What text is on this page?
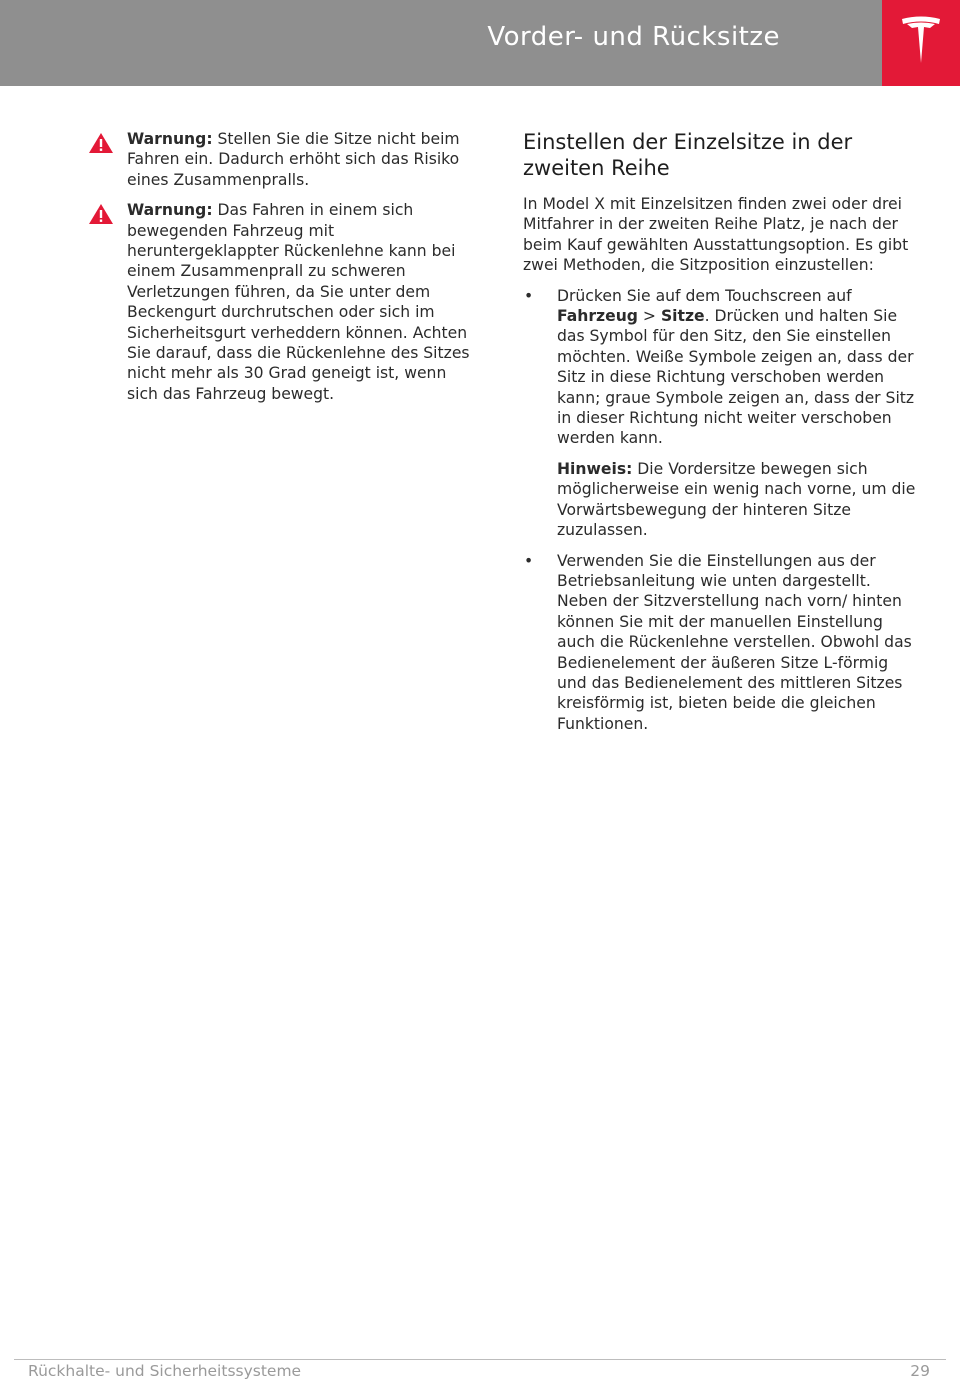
Vorder- und Rücksitze
Warnung: Stellen Sie die Sitze nicht beim Fahren ein. Dadurch erhöht sich das Risiko eines Zusammenpralls.
Warnung: Das Fahren in einem sich bewegenden Fahrzeug mit heruntergeklappter Rückenlehne kann bei einem Zusammenprall zu schweren Verletzungen führen, da Sie unter dem Beckengurt durchrutschen oder sich im Sicherheitsgurt verheddern können. Achten Sie darauf, dass die Rückenlehne des Sitzes nicht mehr als 30 Grad geneigt ist, wenn sich das Fahrzeug bewegt.
Einstellen der Einzelsitze in der zweiten Reihe

In Model X mit Einzelsitzen finden zwei oder drei Mitfahrer in der zweiten Reihe Platz, je nach der beim Kauf gewählten Ausstattungsoption. Es gibt zwei Methoden, die Sitzposition einzustellen:

• Drücken Sie auf dem Touchscreen auf Fahrzeug > Sitze. Drücken und halten Sie das Symbol für den Sitz, den Sie einstellen möchten. Weiße Symbole zeigen an, dass der Sitz in diese Richtung verschoben werden kann; graue Symbole zeigen an, dass der Sitz in dieser Richtung nicht weiter verschoben werden kann.
Hinweis: Die Vordersitze bewegen sich möglicherweise ein wenig nach vorne, um die Vorwärtsbewegung der hinteren Sitze zuzulassen.
• Verwenden Sie die Einstellungen aus der Betriebsanleitung wie unten dargestellt. Neben der Sitzverstellung nach vorn/ hinten können Sie mit der manuellen Einstellung auch die Rückenlehne verstellen. Obwohl das Bedienelement der äußeren Sitze L-förmig und das Bedienelement des mittleren Sitzes kreisförmig ist, bieten beide die gleichen Funktionen.
Rückhalte- und Sicherheitssysteme	29
